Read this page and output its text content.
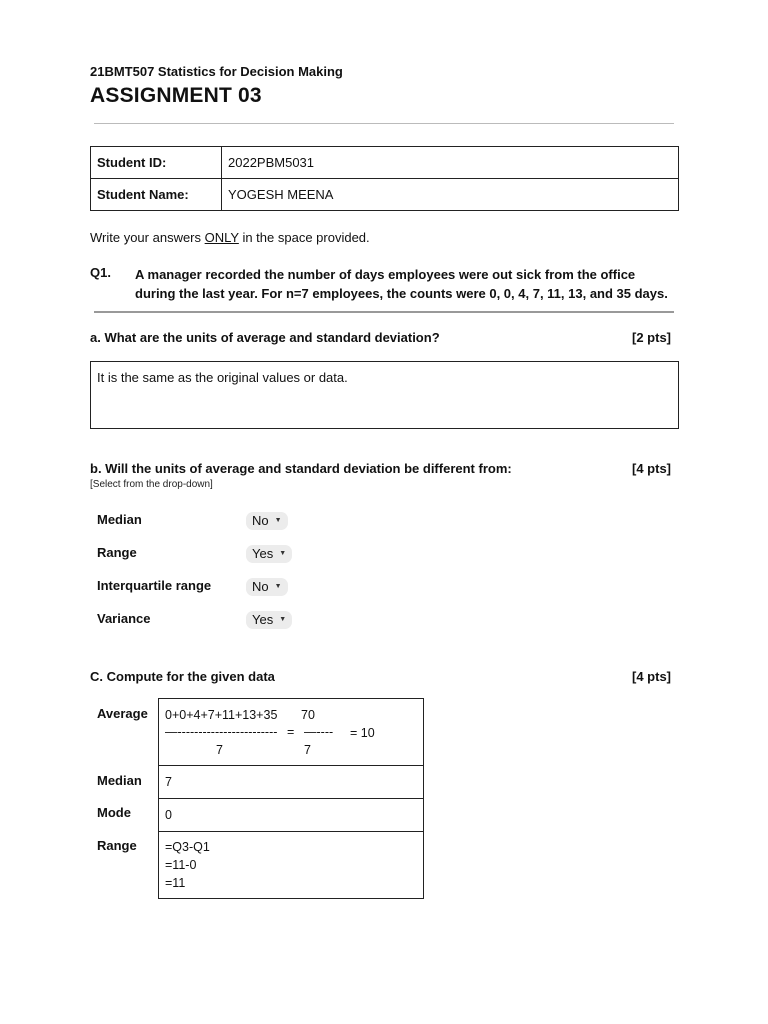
21BMT507 Statistics for Decision Making
ASSIGNMENT 03
Student ID:	2022PBM5031
Student Name:	YOGESH MEENA
Write your answers ONLY in the space provided.
Q1. A manager recorded the number of days employees were out sick from the office
during the last year. For n=7 employees, the counts were 0, 0, 4, 7, 11, 13, and 35 days.
a. What are the units of average and standard deviation?	[2 pts]
It is the same as the original values or data.
b. Will the units of average and standard deviation be different from:	[4 pts]
[Select from the drop-down]
Median	No ▼
Range	Yes ▼
Interquartile range	No ▼
Variance	Yes ▼
C. Compute for the given data	[4 pts]
Average 0+0+4+7+11+13+35 70
—------------------------ = —---- = 10
7	7
Median 7
Mode	0
Range =Q3-Q1
=11-0
=11
